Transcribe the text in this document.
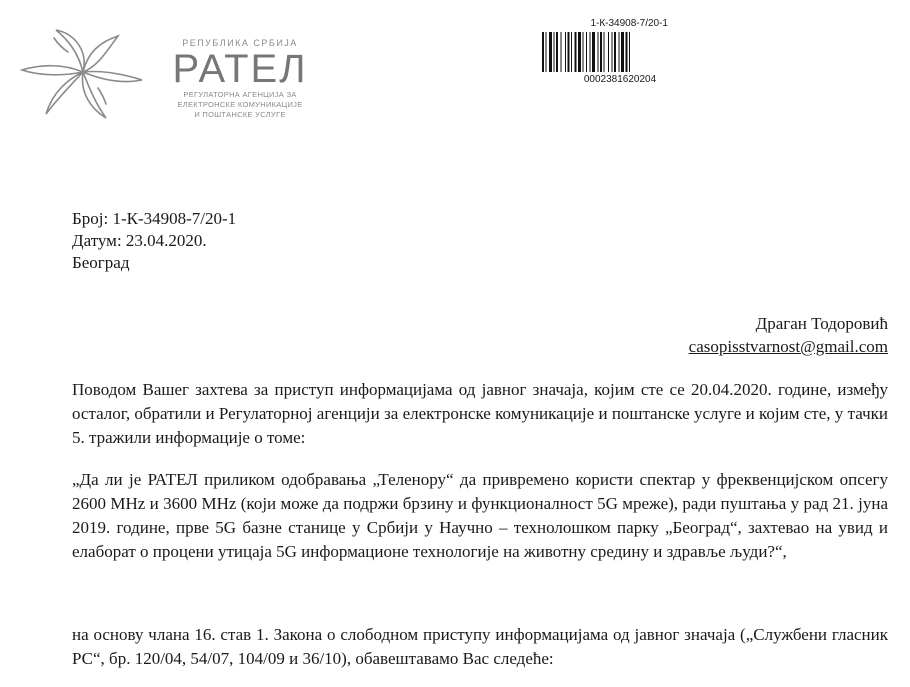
РЕПУБЛИКА СРБИЈА
РАТЕЛ
РЕГУЛАТОРНА АГЕНЦИЈА ЗА
ЕЛЕКТРОНСКЕ КОМУНИКАЦИЈЕ
И ПОШТАНСКЕ УСЛУГЕ
1-К-34908-7/20-1
0002381620204
Број: 1-К-34908-7/20-1
Датум: 23.04.2020.
Београд
Драган Тодоровић
casopisstvarnost@gmail.com
Поводом Вашег захтева за приступ информацијама од јавног значаја, којим сте се 20.04.2020. године, између осталог, обратили и Регулаторној агенцији за електронске комуникације и поштанске услуге и којим сте, у тачки 5. тражили информације о томе:
„Да ли је РАТЕЛ приликом одобравања „Теленору“ да привремено користи спектар у фреквенцијском опсегу 2600 MHz и 3600 MHz (који може да подржи брзину и функционалност 5G мреже), ради пуштања у рад 21. јуна 2019. године, прве 5G базне станице у Србији у Научно – технолошком парку „Београд“, захтевао на увид и елаборат о процени утицаја 5G информационе технологије на животну средину и здравље људи?“,
на основу члана 16. став 1. Закона о слободном приступу информацијама од јавног значаја („Службени гласник РС“, бр. 120/04, 54/07, 104/09 и 36/10), обавештавамо Вас следеће:
